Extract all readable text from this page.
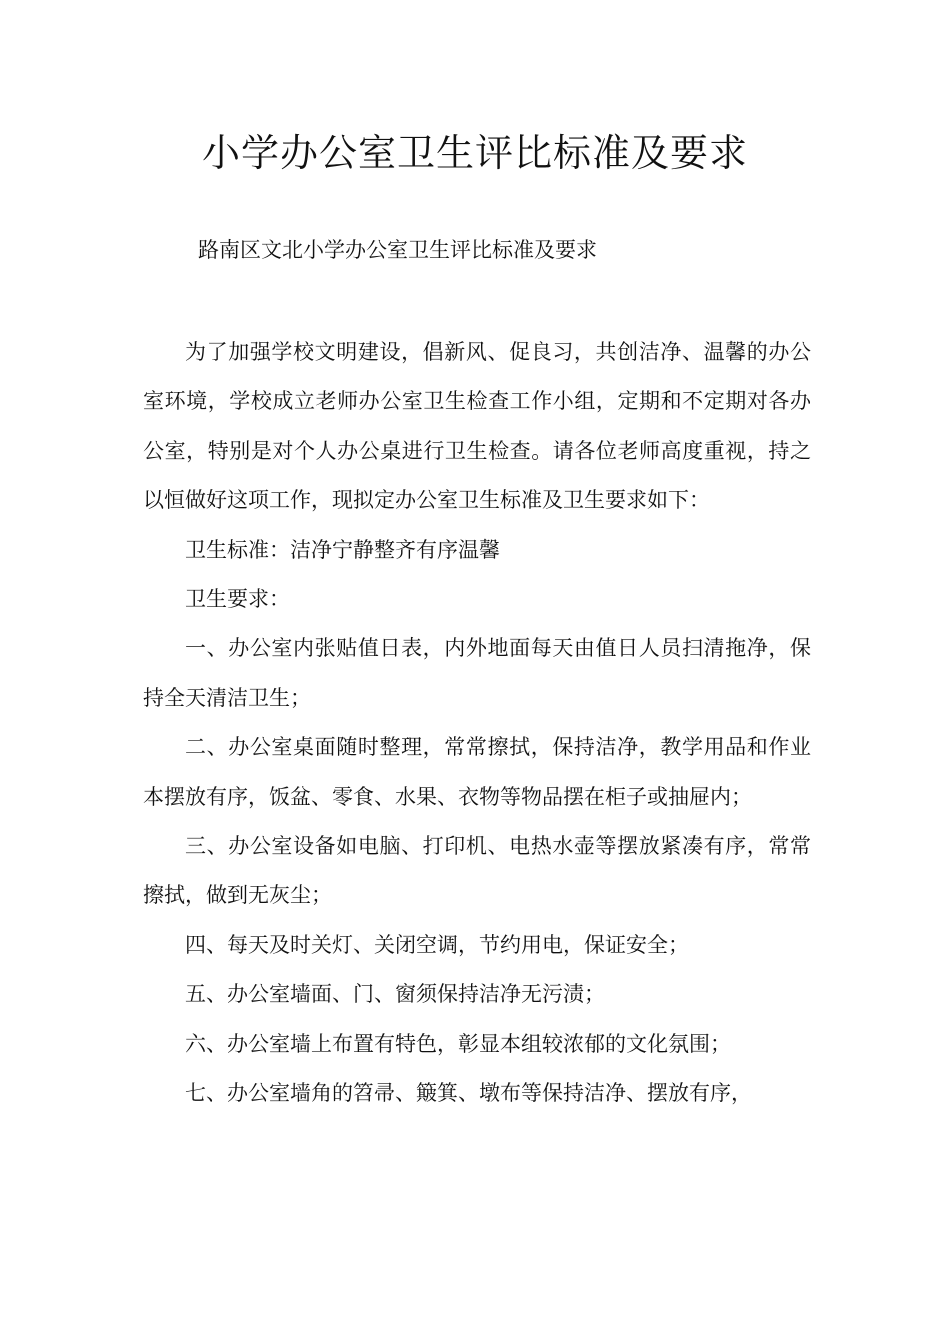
小学办公室卫生评比标准及要求

路南区文北小学办公室卫生评比标准及要求

为了加强学校文明建设，倡新风、促良习，共创洁净、温馨的办公室环境，学校成立老师办公室卫生检查工作小组，定期和不定期对各办公室，特别是对个人办公桌进行卫生检查。请各位老师高度重视，持之以恒做好这项工作，现拟定办公室卫生标准及卫生要求如下：

卫生标准：洁净宁静整齐有序温馨

卫生要求：

一、办公室内张贴值日表，内外地面每天由值日人员扫清拖净，保持全天清洁卫生；

二、办公室桌面随时整理，常常擦拭，保持洁净，教学用品和作业本摆放有序，饭盆、零食、水果、衣物等物品摆在柜子或抽屉内；

三、办公室设备如电脑、打印机、电热水壶等摆放紧凑有序，常常擦拭，做到无灰尘；

四、每天及时关灯、关闭空调，节约用电，保证安全；

五、办公室墙面、门、窗须保持洁净无污渍；

六、办公室墙上布置有特色，彰显本组较浓郁的文化氛围；

七、办公室墙角的笤帚、簸箕、墩布等保持洁净、摆放有序，
